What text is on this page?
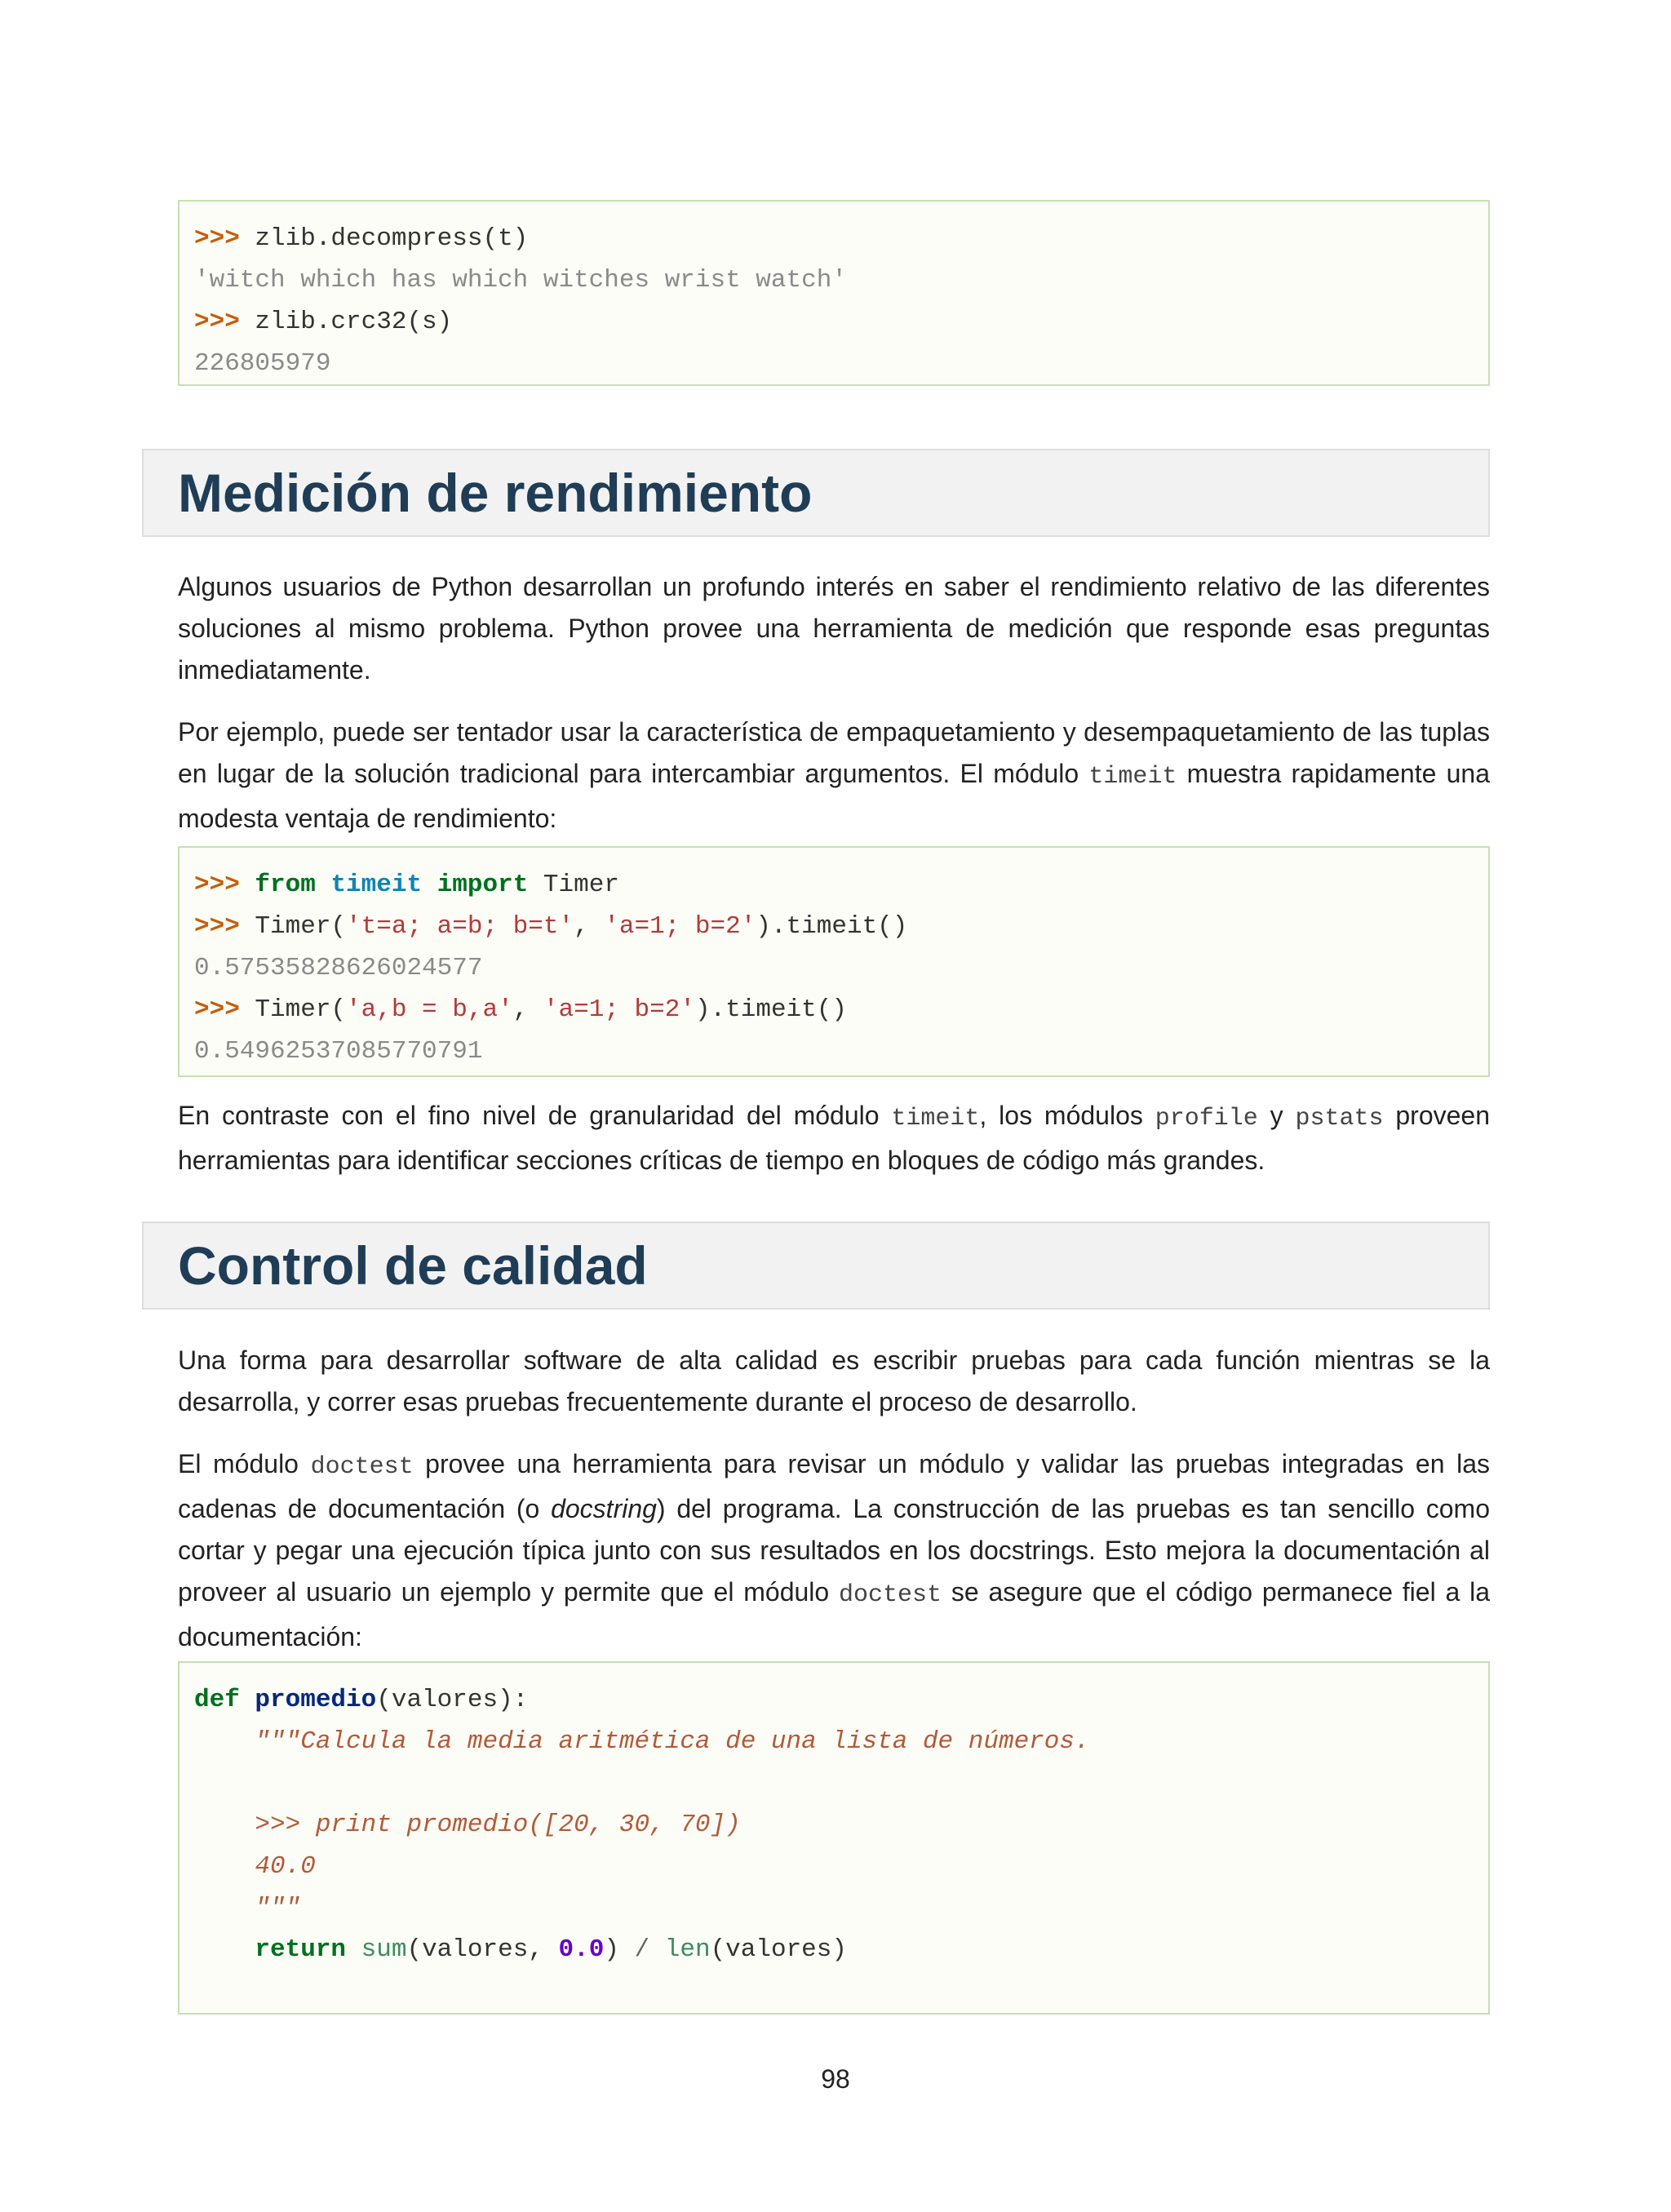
>>> zlib.decompress(t)
'witch which has which witches wrist watch'
>>> zlib.crc32(s)
226805979
Medición de rendimiento

Algunos usuarios de Python desarrollan un profundo interés en saber el rendimiento relativo de las diferentes soluciones al mismo problema. Python provee una herramienta de medición que responde esas preguntas inmediatamente.

Por ejemplo, puede ser tentador usar la característica de empaquetamiento y desempaquetamiento de las tuplas en lugar de la solución tradicional para intercambiar argumentos. El módulo timeit muestra rapidamente una modesta ventaja de rendimiento:

>>> from timeit import Timer
>>> Timer('t=a; a=b; b=t', 'a=1; b=2').timeit()
0.57535828626024577
>>> Timer('a,b = b,a', 'a=1; b=2').timeit()
0.54962537085770791

En contraste con el fino nivel de granularidad del módulo timeit, los módulos profile y pstats proveen herramientas para identificar secciones críticas de tiempo en bloques de código más grandes.

Control de calidad

Una forma para desarrollar software de alta calidad es escribir pruebas para cada función mientras se la desarrolla, y correr esas pruebas frecuentemente durante el proceso de desarrollo.

El módulo doctest provee una herramienta para revisar un módulo y validar las pruebas integradas en las cadenas de documentación (o docstring) del programa. La construcción de las pruebas es tan sencillo como cortar y pegar una ejecución típica junto con sus resultados en los docstrings. Esto mejora la documentación al proveer al usuario un ejemplo y permite que el módulo doctest se asegure que el código permanece fiel a la documentación:

def promedio(valores):
"""Calcula la media aritmética de una lista de números.
>>> print promedio([20, 30, 70])
40.0
"""
return sum(valores, 0.0) / len(valores)
98
